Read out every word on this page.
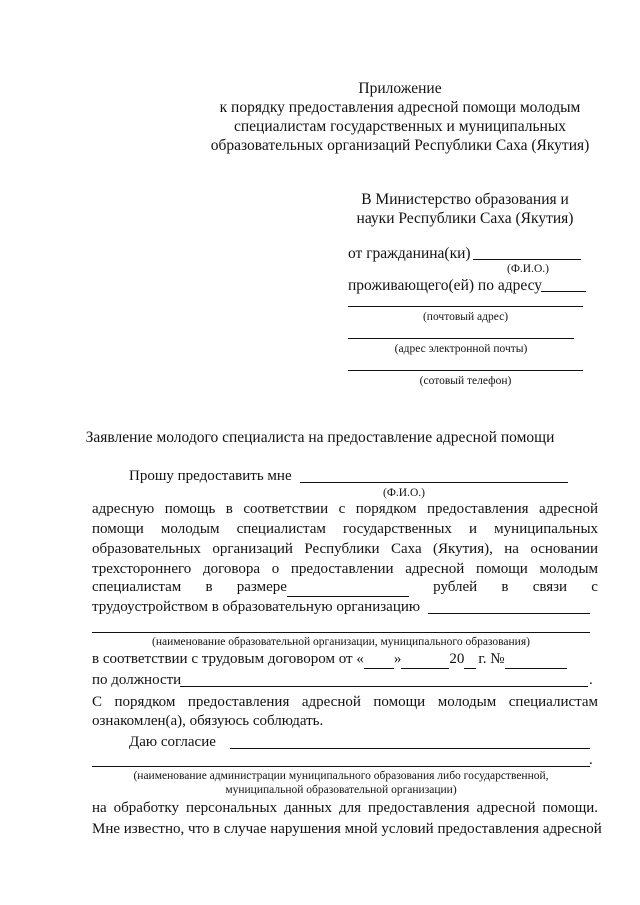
Приложение
к порядку предоставления адресной помощи молодым
специалистам государственных и муниципальных
образовательных организаций Республики Саха (Якутия)
В Министерство образования и
науки Республики Саха (Якутия)
от гражданина(ки)
(Ф.И.О.)
проживающего(ей) по адресу
(почтовый адрес)
(адрес электронной почты)
(сотовый телефон)
Заявление молодого специалиста на предоставление адресной помощи
Прошу предоставить мне
(Ф.И.О.)
адресную помощь в соответствии с порядком предоставления адресной
помощи молодым специалистам государственных и муниципальных
образовательных организаций Республики Саха (Якутия), на основании
трехстороннего договора о предоставлении адресной помощи молодым
специалистам в размере	рублей в связи с
трудоустройством в образовательную организацию
(наименование образовательной организации, муниципального образования)
в соответствии с трудовым договором от « »	20 г. №
по должности	.
С порядком предоставления адресной помощи молодым специалистам
ознакомлен(а), обязуюсь соблюдать.
Даю согласие
.
(наименование администрации муниципального образования либо государственной,
муниципальной образовательной организации)
на обработку персональных данных для предоставления адресной помощи.
Мне известно, что в случае нарушения мной условий предоставления адресной
